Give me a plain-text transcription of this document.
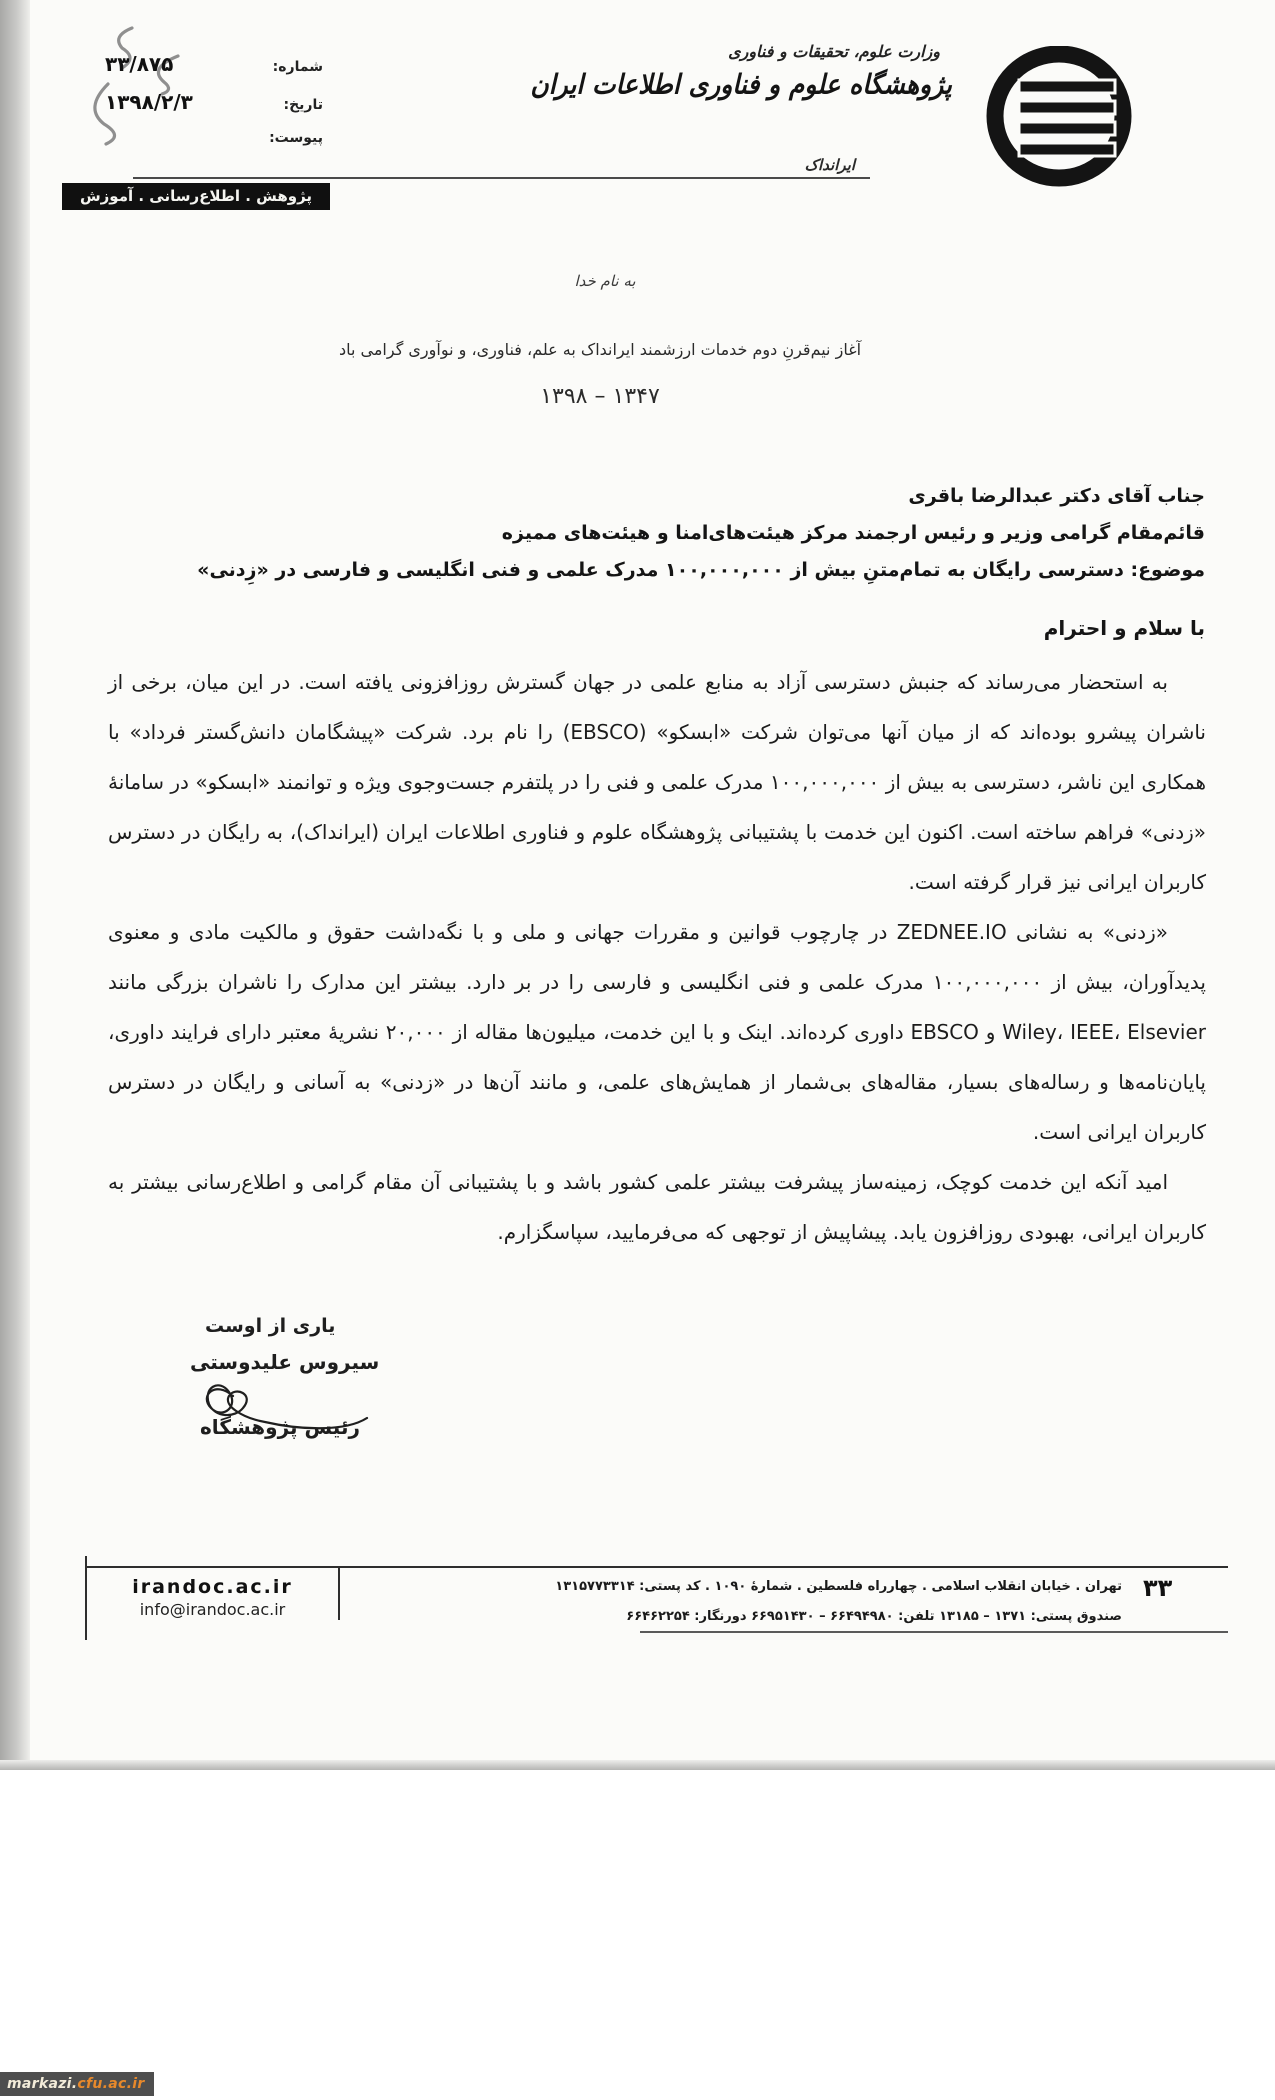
شماره:
۳۳/۸۷۵
تاریخ:
۱۳۹۸/۲/۳
پیوست:
وزارت علوم، تحقیقات و فناوری
پژوهشگاه علوم و فناوری اطلاعات ایران
ایرانداک
پژوهش . اطلاع‌رسانی . آموزش
به نام خدا
آغاز نیم‌قرنِ دوم خدمات ارزشمند ایرانداک به علم، فناوری، و نوآوری گرامی باد
۱۳۴۷ – ۱۳۹۸
جناب آقای دکتر عبدالرضا باقری
قائم‌مقام گرامی وزیر و رئیس ارجمند مرکز هیئت‌های‌امنا و هیئت‌های ممیزه
موضوع: دسترسی رایگان به تمام‌متنِ بیش از ۱۰۰,۰۰۰,۰۰۰ مدرک علمی و فنی انگلیسی و فارسی در «زِدنی»
با سلام و احترام

به استحضار می‌رساند که جنبش دسترسی آزاد به منابع علمی در جهان گسترش روزافزونی یافته است. در این میان، برخی از ناشران پیشرو بوده‌اند که از میان آنها می‌توان شرکت «ابسکو» (EBSCO) را نام برد. شرکت «پیشگامان دانش‌گستر فرداد» با همکاری این ناشر، دسترسی به بیش از ۱۰۰,۰۰۰,۰۰۰ مدرک علمی و فنی را در پلتفرم جست‌وجوی ویژه و توانمند «ابسکو» در سامانهٔ «زدنی» فراهم ساخته است. اکنون این خدمت با پشتیبانی پژوهشگاه علوم و فناوری اطلاعات ایران (ایرانداک)، به رایگان در دسترس کاربران ایرانی نیز قرار گرفته است.

«زدنی» به نشانی ZEDNEE.IO در چارچوب قوانین و مقررات جهانی و ملی و با نگه‌داشت حقوق و مالکیت مادی و معنوی پدیدآوران، بیش از ۱۰۰,۰۰۰,۰۰۰ مدرک علمی و فنی انگلیسی و فارسی را در بر دارد. بیشتر این مدارک را ناشران بزرگی مانند Wiley، IEEE، Elsevier و EBSCO داوری کرده‌اند. اینک و با این خدمت، میلیون‌ها مقاله از ۲۰,۰۰۰ نشریهٔ معتبر دارای فرایند داوری، پایان‌نامه‌ها و رساله‌های بسیار، مقاله‌های بی‌شمار از همایش‌های علمی، و مانند آن‌ها در «زدنی» به آسانی و رایگان در دسترس کاربران ایرانی است.

امید آنکه این خدمت کوچک، زمینه‌ساز پیشرفت بیشتر علمی کشور باشد و با پشتیبانی آن مقام گرامی و اطلاع‌رسانی بیشتر به کاربران ایرانی، بهبودی روزافزون یابد. پیشاپیش از توجهی که می‌فرمایید، سپاسگزارم.

یاری از اوست
سیروس علیدوستی
رئیس پژوهشگاه
irandoc.ac.ir
info@irandoc.ac.ir
تهران . خیابان انقلاب اسلامی . چهارراه فلسطین . شمارهٔ ۱۰۹۰ . کد پستی: ۱۳۱۵۷۷۳۳۱۴
صندوق پستی: ۱۳۷۱ – ۱۳۱۸۵ تلفن: ۶۶۴۹۴۹۸۰ – ۶۶۹۵۱۴۳۰ دورنگار: ۶۶۴۶۲۲۵۴
۳۳
markazi. cfu.ac.ir
